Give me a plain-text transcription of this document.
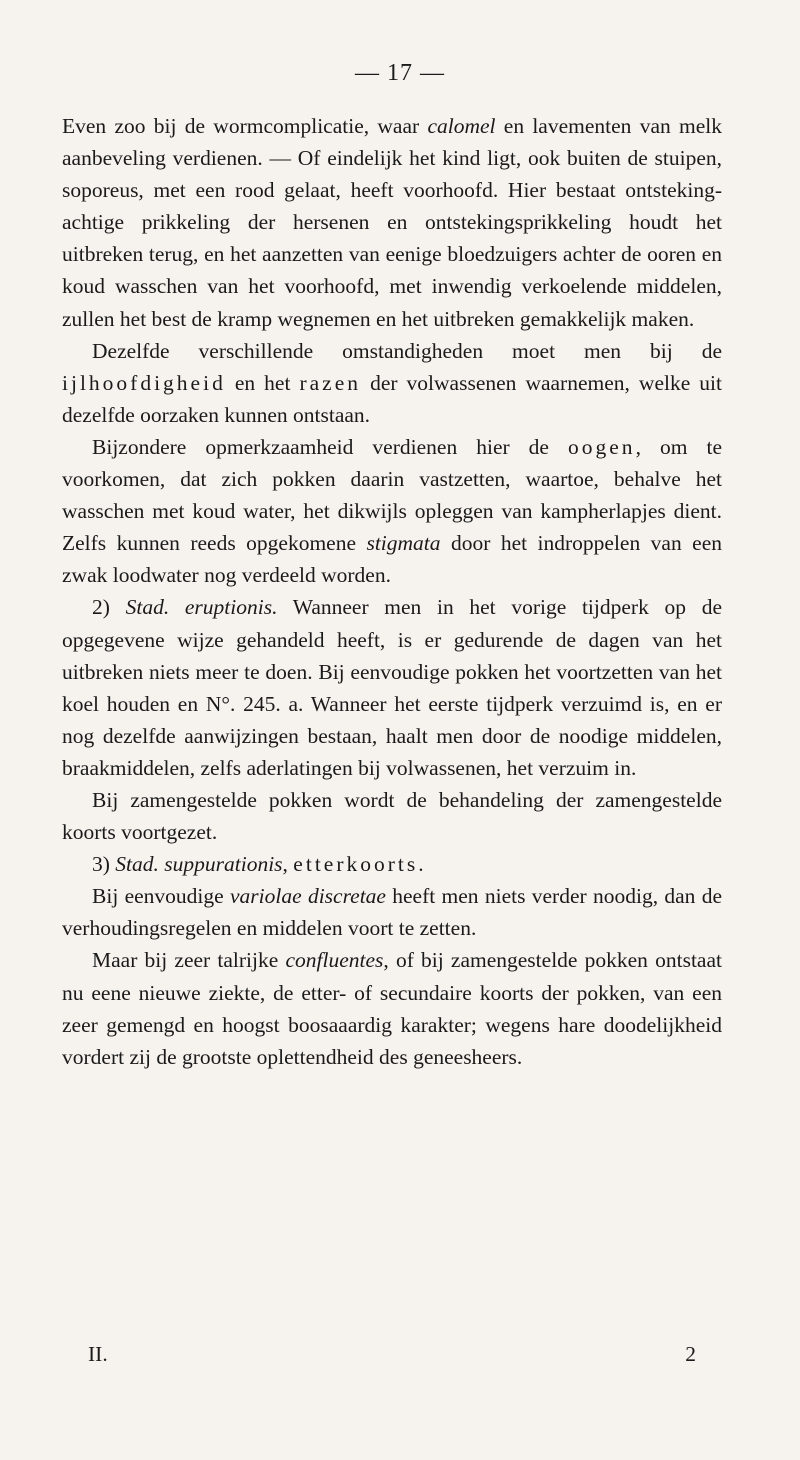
— 17 —

Even zoo bij de wormcomplicatie, waar calomel en lavementen van melk aanbeveling verdienen. — Of eindelijk het kind ligt, ook buiten de stuipen, soporeus, met een rood gelaat, heeft voorhoofd. Hier bestaat ontsteking-achtige prikkeling der hersenen en ontstekingsprikkeling houdt het uitbreken terug, en het aanzetten van eenige bloedzuigers achter de ooren en koud wasschen van het voorhoofd, met inwendig verkoelende middelen, zullen het best de kramp wegnemen en het uitbreken gemakkelijk maken.

Dezelfde verschillende omstandigheden moet men bij de ijlhoofdigheid en het razen der volwassenen waarnemen, welke uit dezelfde oorzaken kunnen ontstaan.

Bijzondere opmerkzaamheid verdienen hier de oogen, om te voorkomen, dat zich pokken daarin vastzetten, waartoe, behalve het wasschen met koud water, het dikwijls opleggen van kampherlapjes dient. Zelfs kunnen reeds opgekomene stigmata door het indroppelen van een zwak loodwater nog verdeeld worden.

2) Stad. eruptionis. Wanneer men in het vorige tijdperk op de opgegevene wijze gehandeld heeft, is er gedurende de dagen van het uitbreken niets meer te doen. Bij eenvoudige pokken het voortzetten van het koel houden en N°. 245. a. Wanneer het eerste tijdperk verzuimd is, en er nog dezelfde aanwijzingen bestaan, haalt men door de noodige middelen, braakmiddelen, zelfs aderlatingen bij volwassenen, het verzuim in.

Bij zamengestelde pokken wordt de behandeling der zamengestelde koorts voortgezet.

3) Stad. suppurationis, etterkoorts.

Bij eenvoudige variolae discretae heeft men niets verder noodig, dan de verhoudingsregelen en middelen voort te zetten.

Maar bij zeer talrijke confluentes, of bij zamengestelde pokken ontstaat nu eene nieuwe ziekte, de etter- of secundaire koorts der pokken, van een zeer gemengd en hoogst boosaaardig karakter; wegens hare doodelijkheid vordert zij de grootste oplettendheid des geneesheers.

II.	2
